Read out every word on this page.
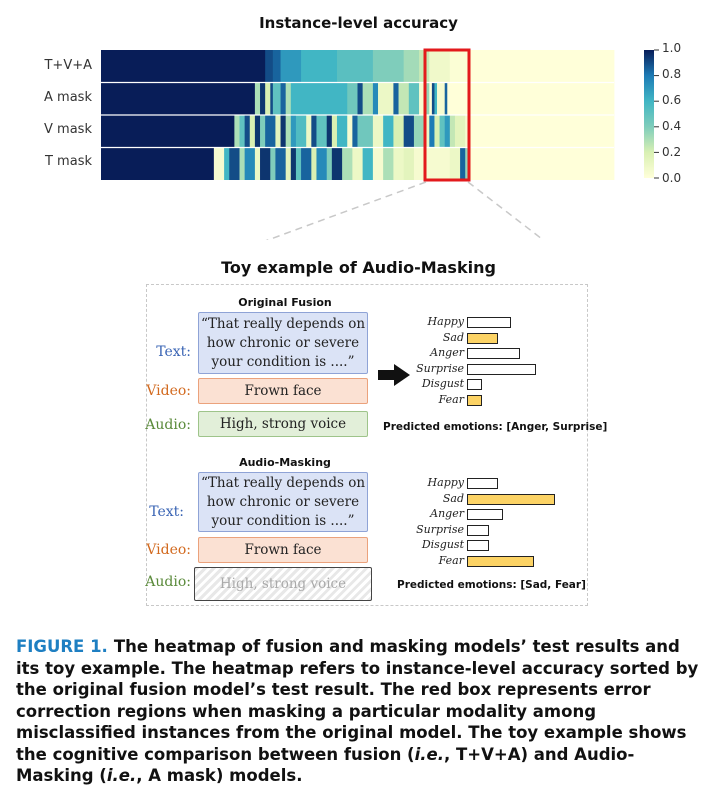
Instance-level accuracy
T+V+A
A mask
V mask
T mask
1.0
0.8
0.6
0.4
0.2
0.0
Toy example of Audio-Masking
Original Fusion
Text:
“That really depends on
how chronic or severe
your condition is ....”
Video:	Frown face
Audio:	High, strong voice
Happy
Sad
Anger
Surprise
Disgust
Fear
Predicted emotions: [Anger, Surprise]
Audio-Masking
Text:
“That really depends on
how chronic or severe
your condition is ....”
Video:	Frown face
Audio:	High, strong voice
Happy
Sad
Anger
Surprise
Disgust
Fear
Predicted emotions: [Sad, Fear]
FIGURE 1. The heatmap of fusion and masking models’ test results and its toy example. The heatmap refers to instance-level accuracy sorted by the original fusion model’s test result. The red box represents error correction regions when masking a particular modality among misclassified instances from the original model. The toy example shows the cognitive comparison between fusion (i.e., T+V+A) and Audio-Masking (i.e., A mask) models.
